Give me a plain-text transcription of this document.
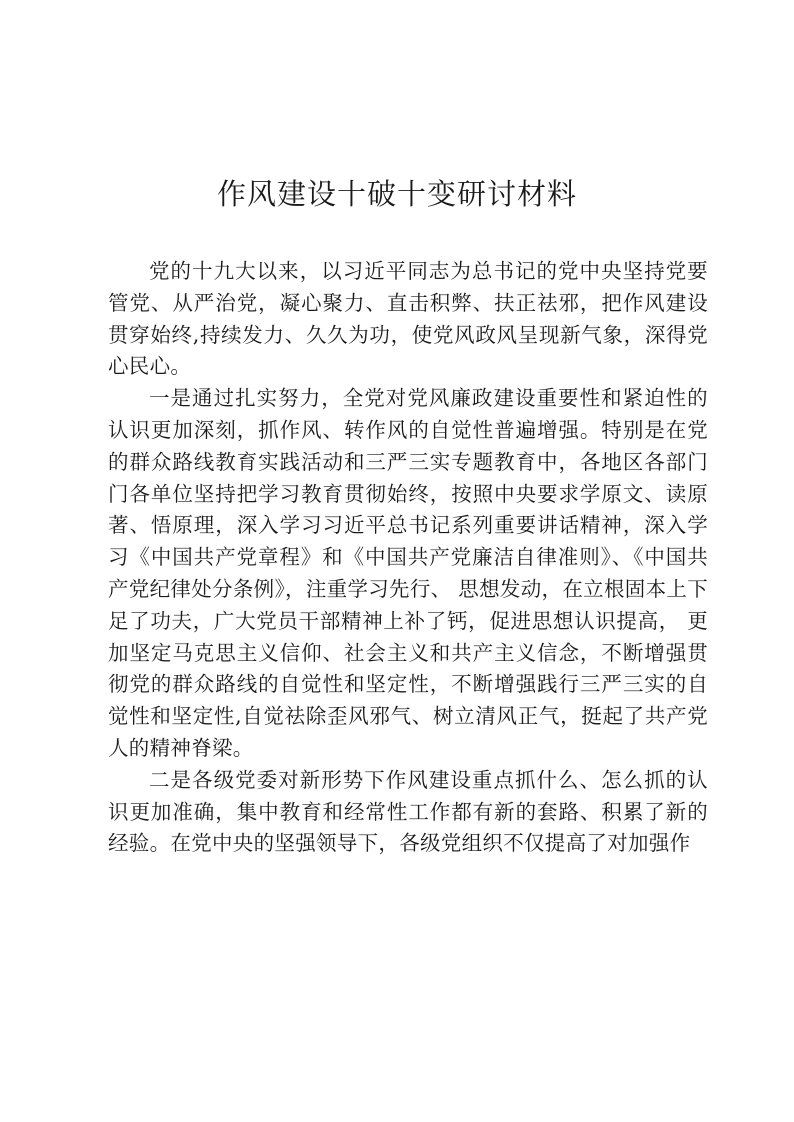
作风建设十破十变研讨材料

党的十九大以来，以习近平同志为总书记的党中央坚持党要管党、从严治党，凝心聚力、直击积弊、扶正祛邪，把作风建设贯穿始终,持续发力、久久为功，使党风政风呈现新气象，深得党心民心。

一是通过扎实努力，全党对党风廉政建设重要性和紧迫性的认识更加深刻，抓作风、转作风的自觉性普遍增强。特别是在党的群众路线教育实践活动和三严三实专题教育中，各地区各部门门各单位坚持把学习教育贯彻始终，按照中央要求学原文、读原著、悟原理，深入学习习近平总书记系列重要讲话精神，深入学习《中国共产党章程》和《中国共产党廉洁自律准则》、《中国共产党纪律处分条例》，注重学习先行、 思想发动，在立根固本上下足了功夫，广大党员干部精神上补了钙，促进思想认识提高， 更加坚定马克思主义信仰、社会主义和共产主义信念，不断增强贯彻党的群众路线的自觉性和坚定性，不断增强践行三严三实的自觉性和坚定性,自觉祛除歪风邪气、树立清风正气，挺起了共产党人的精神脊梁。

二是各级党委对新形势下作风建设重点抓什么、怎么抓的认识更加准确，集中教育和经常性工作都有新的套路、积累了新的经验。在党中央的坚强领导下，各级党组织不仅提高了对加强作
